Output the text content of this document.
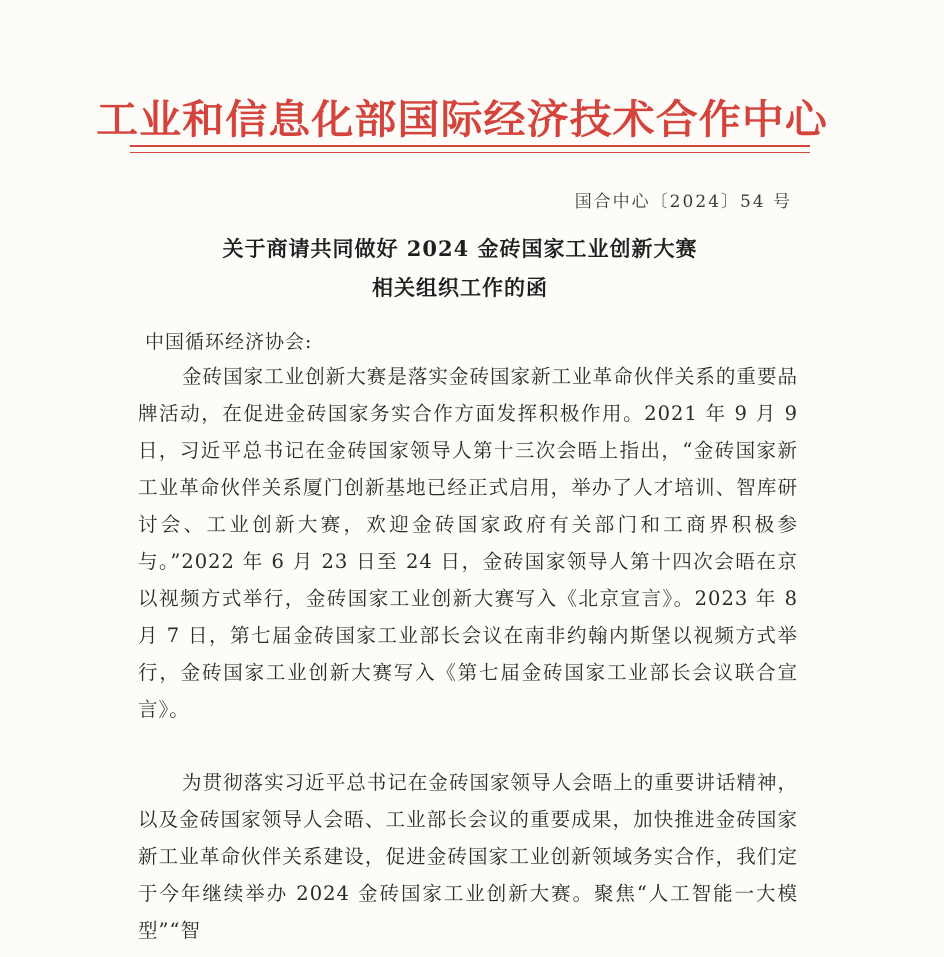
工业和信息化部国际经济技术合作中心
国合中心〔2024〕54 号
关于商请共同做好 2024 金砖国家工业创新大赛
相关组织工作的函
中国循环经济协会:

金砖国家工业创新大赛是落实金砖国家新工业革命伙伴关系的重要品牌活动，在促进金砖国家务实合作方面发挥积极作用。2021 年 9 月 9 日，习近平总书记在金砖国家领导人第十三次会晤上指出，“金砖国家新工业革命伙伴关系厦门创新基地已经正式启用，举办了人才培训、智库研讨会、工业创新大赛，欢迎金砖国家政府有关部门和工商界积极参与。”2022 年 6 月 23 日至 24 日，金砖国家领导人第十四次会晤在京以视频方式举行，金砖国家工业创新大赛写入《北京宣言》。2023 年 8 月 7 日，第七届金砖国家工业部长会议在南非约翰内斯堡以视频方式举行，金砖国家工业创新大赛写入《第七届金砖国家工业部长会议联合宣言》。

为贯彻落实习近平总书记在金砖国家领导人会晤上的重要讲话精神，以及金砖国家领导人会晤、工业部长会议的重要成果，加快推进金砖国家新工业革命伙伴关系建设，促进金砖国家工业创新领域务实合作，我们定于今年继续举办 2024 金砖国家工业创新大赛。聚焦“人工智能一大模型”“智
